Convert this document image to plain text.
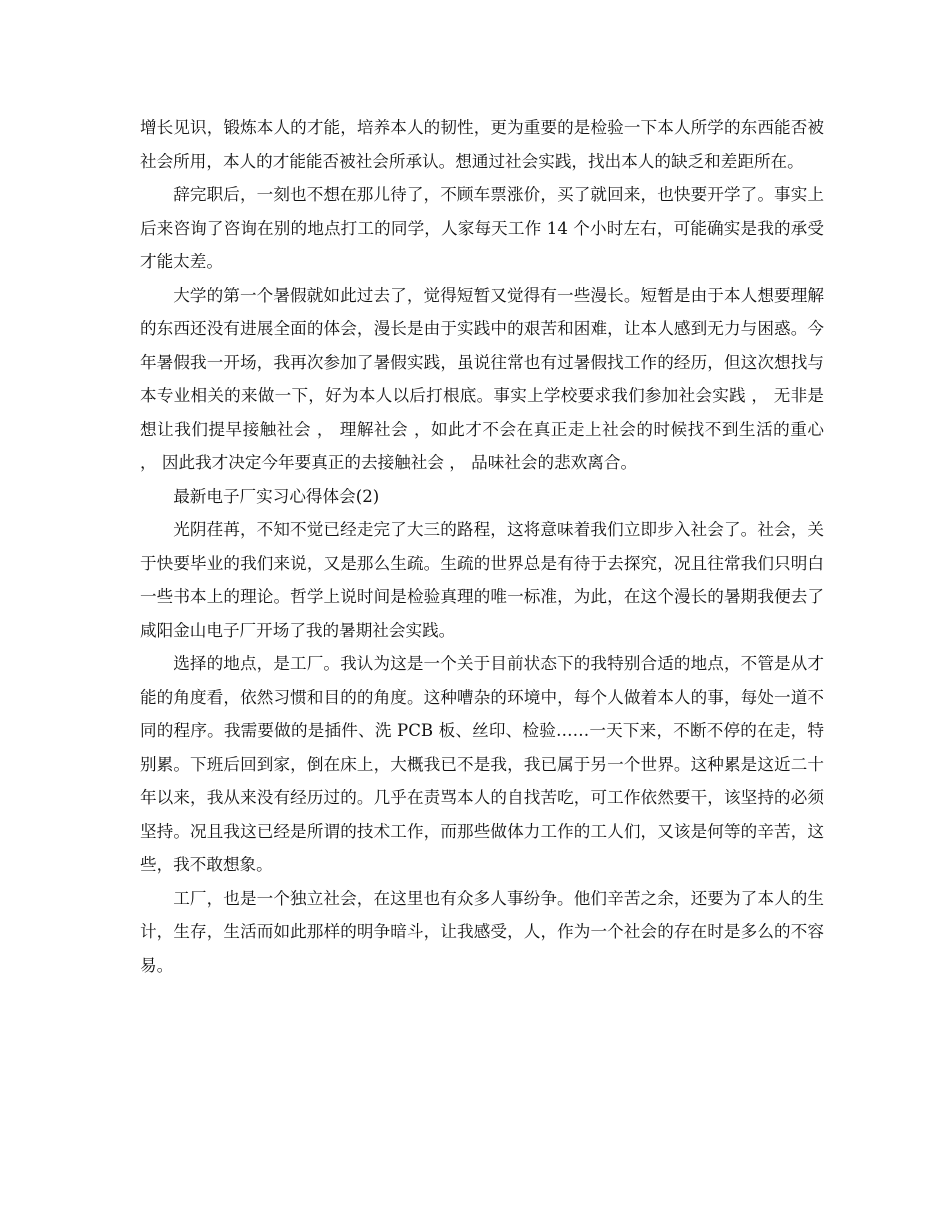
增长见识，锻炼本人的才能，培养本人的韧性，更为重要的是检验一下本人所学的东西能否被社会所用，本人的才能能否被社会所承认。想通过社会实践，找出本人的缺乏和差距所在。

辞完职后，一刻也不想在那儿待了，不顾车票涨价，买了就回来，也快要开学了。事实上后来咨询了咨询在别的地点打工的同学，人家每天工作 14 个小时左右，可能确实是我的承受才能太差。

大学的第一个暑假就如此过去了，觉得短暂又觉得有一些漫长。短暂是由于本人想要理解的东西还没有进展全面的体会，漫长是由于实践中的艰苦和困难，让本人感到无力与困惑。今年暑假我一开场，我再次参加了暑假实践，虽说往常也有过暑假找工作的经历，但这次想找与本专业相关的来做一下，好为本人以后打根底。事实上学校要求我们参加社会实践 ， 无非是想让我们提早接触社会 ， 理解社会 ，如此才不会在真正走上社会的时候找不到生活的重心 ， 因此我才决定今年要真正的去接触社会 ， 品味社会的悲欢离合。

最新电子厂实习心得体会(2)

光阴荏苒，不知不觉已经走完了大三的路程，这将意味着我们立即步入社会了。社会，关于快要毕业的我们来说，又是那么生疏。生疏的世界总是有待于去探究，况且往常我们只明白一些书本上的理论。哲学上说时间是检验真理的唯一标准，为此，在这个漫长的暑期我便去了咸阳金山电子厂开场了我的暑期社会实践。

选择的地点，是工厂。我认为这是一个关于目前状态下的我特别合适的地点，不管是从才能的角度看，依然习惯和目的的角度。这种嘈杂的环境中，每个人做着本人的事，每处一道不同的程序。我需要做的是插件、洗 PCB 板、丝印、检验……一天下来，不断不停的在走，特别累。下班后回到家，倒在床上，大概我已不是我，我已属于另一个世界。这种累是这近二十年以来，我从来没有经历过的。几乎在责骂本人的自找苦吃，可工作依然要干，该坚持的必须坚持。况且我这已经是所谓的技术工作，而那些做体力工作的工人们，又该是何等的辛苦，这些，我不敢想象。

工厂，也是一个独立社会，在这里也有众多人事纷争。他们辛苦之余，还要为了本人的生计，生存，生活而如此那样的明争暗斗，让我感受，人，作为一个社会的存在时是多么的不容易。
